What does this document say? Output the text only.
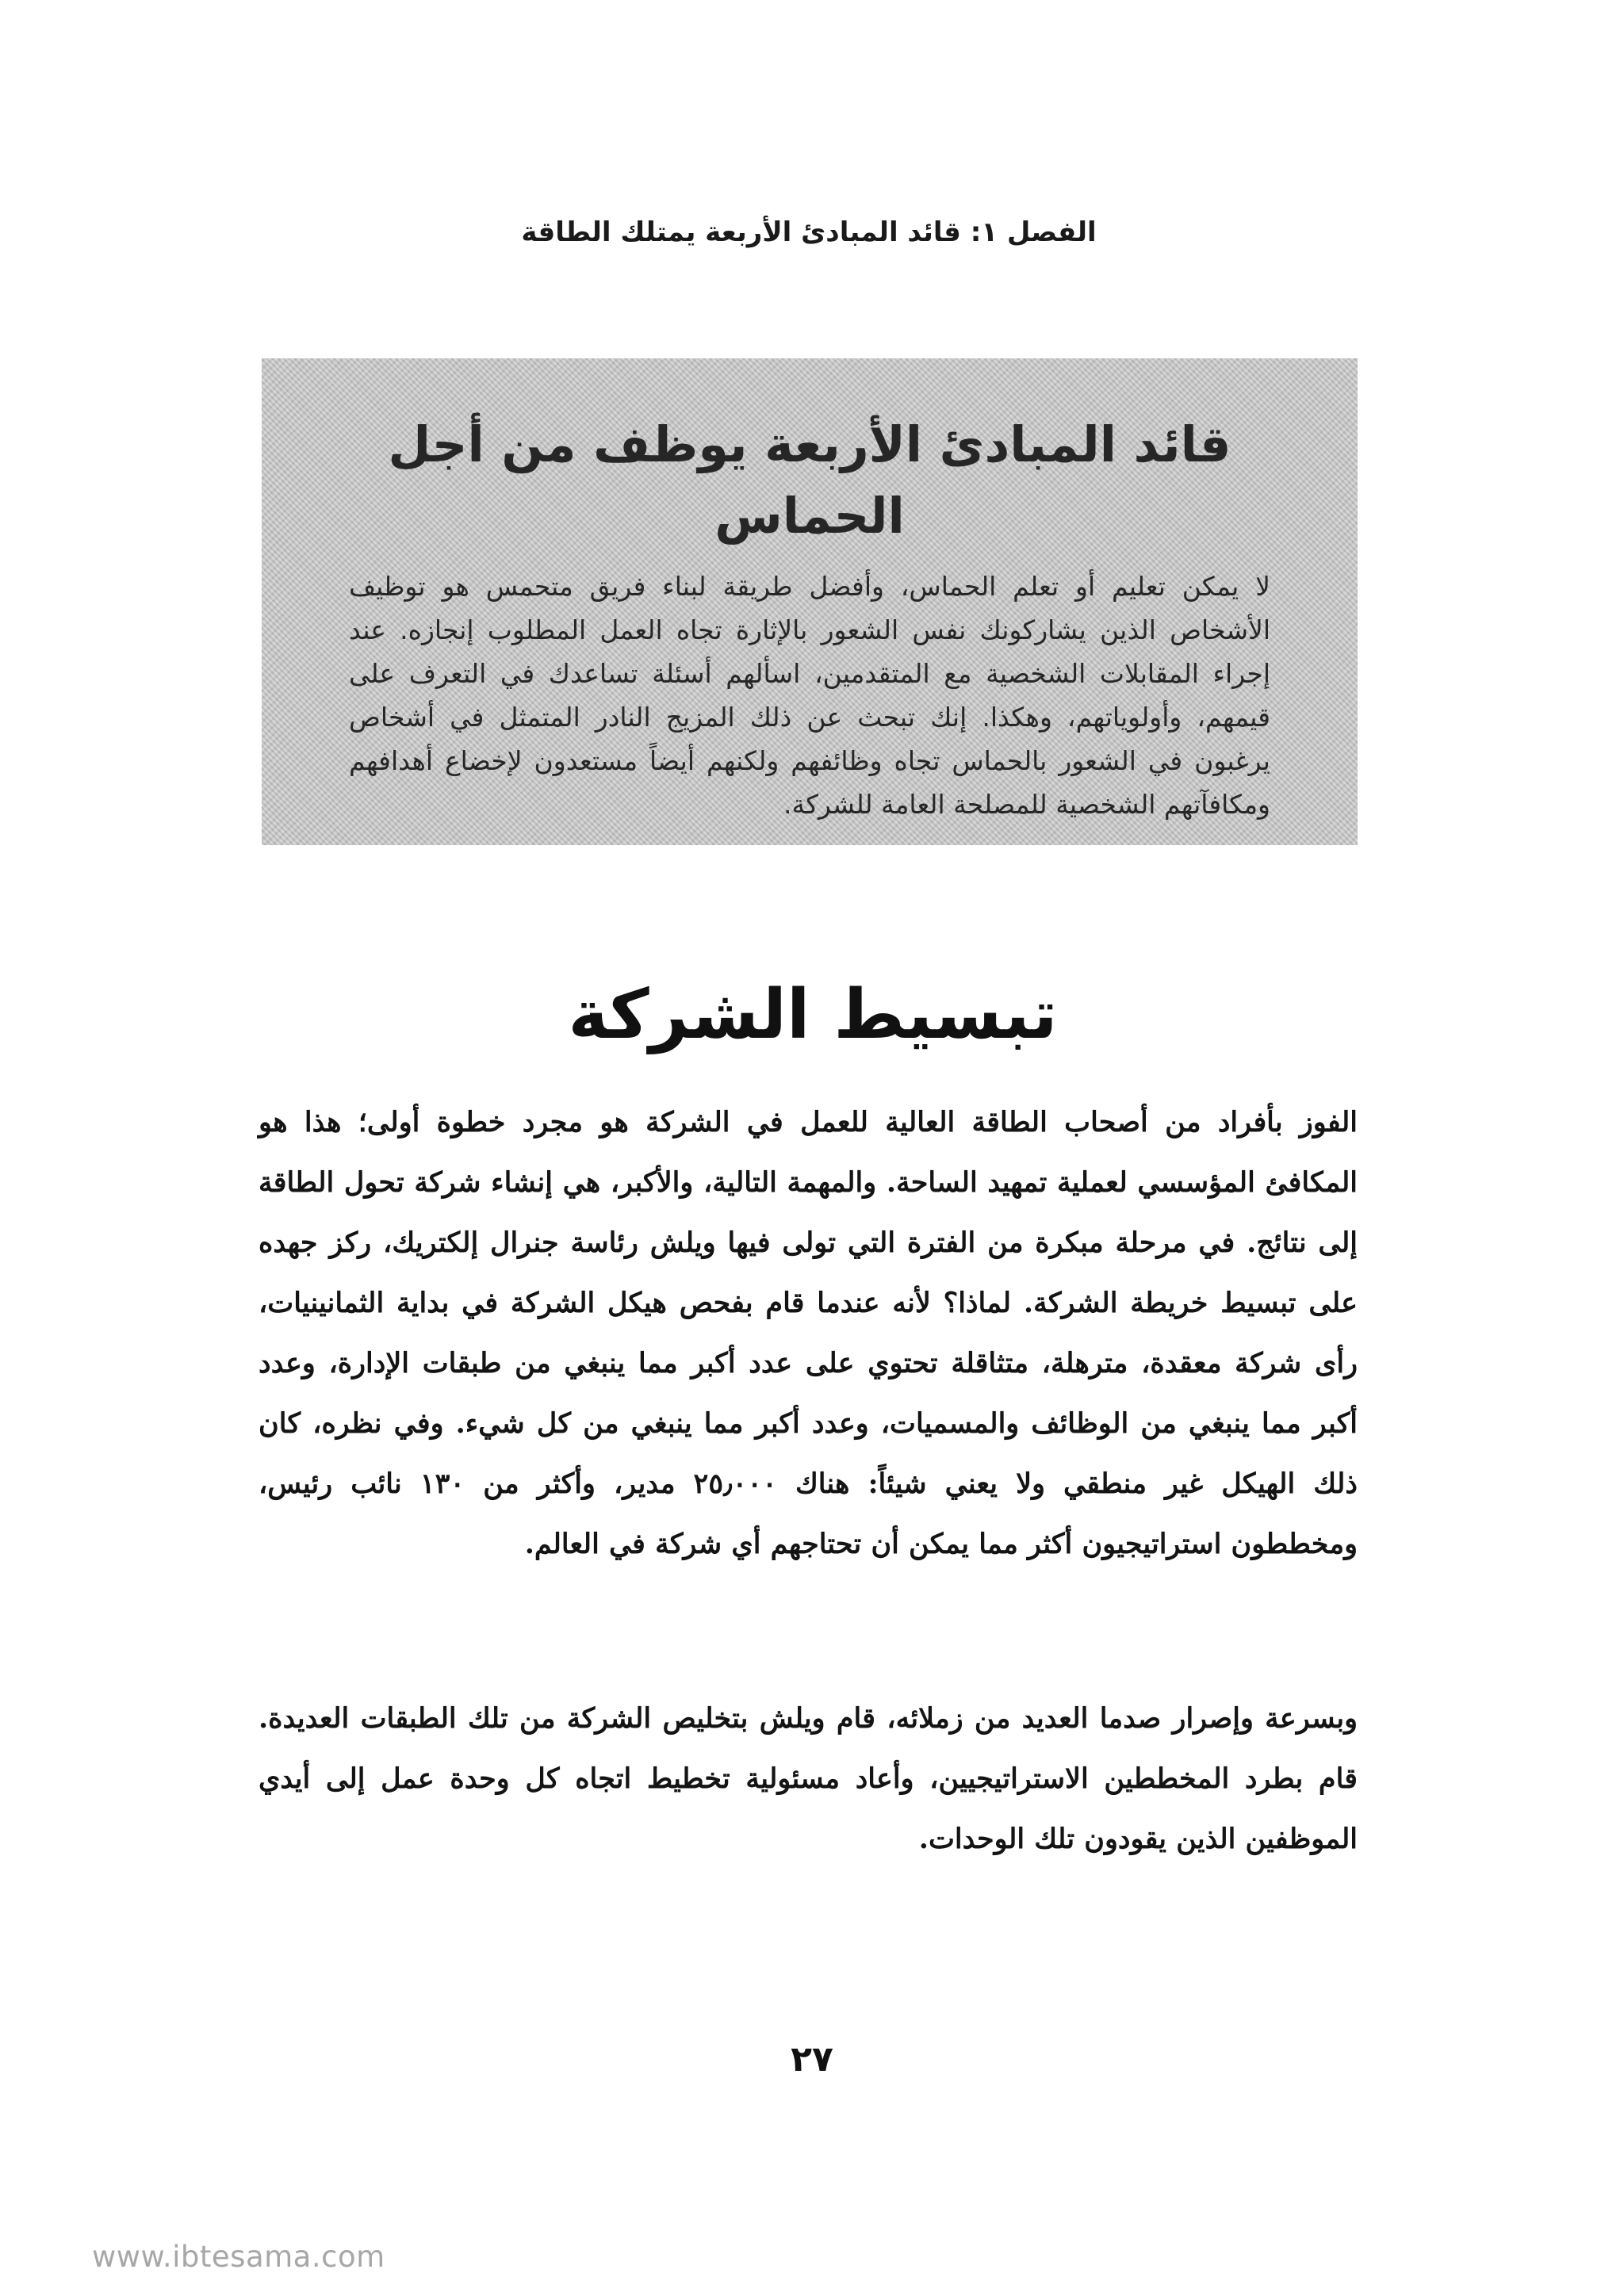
الفصل ١: قائد المبادئ الأربعة يمتلك الطاقة
قائد المبادئ الأربعة يوظف من أجل الحماس
لا يمكن تعليم أو تعلم الحماس، وأفضل طريقة لبناء فريق متحمس هو توظيف الأشخاص الذين يشاركونك نفس الشعور بالإثارة تجاه العمل المطلوب إنجازه. عند إجراء المقابلات الشخصية مع المتقدمين، اسألهم أسئلة تساعدك في التعرف على قيمهم، وأولوياتهم، وهكذا. إنك تبحث عن ذلك المزيج النادر المتمثل في أشخاص يرغبون في الشعور بالحماس تجاه وظائفهم ولكنهم أيضاً مستعدون لإخضاع أهدافهم ومكافآتهم الشخصية للمصلحة العامة للشركة.
تبسيط الشركة

الفوز بأفراد من أصحاب الطاقة العالية للعمل في الشركة هو مجرد خطوة أولى؛ هذا هو المكافئ المؤسسي لعملية تمهيد الساحة. والمهمة التالية، والأكبر، هي إنشاء شركة تحول الطاقة إلى نتائج. في مرحلة مبكرة من الفترة التي تولى فيها ويلش رئاسة جنرال إلكتريك، ركز جهده على تبسيط خريطة الشركة. لماذا؟ لأنه عندما قام بفحص هيكل الشركة في بداية الثمانينيات، رأى شركة معقدة، مترهلة، متثاقلة تحتوي على عدد أكبر مما ينبغي من طبقات الإدارة، وعدد أكبر مما ينبغي من الوظائف والمسميات، وعدد أكبر مما ينبغي من كل شيء. وفي نظره، كان ذلك الهيكل غير منطقي ولا يعني شيئاً: هناك ٢٥٫٠٠٠ مدير، وأكثر من ١٣٠ نائب رئيس، ومخططون استراتيجيون أكثر مما يمكن أن تحتاجهم أي شركة في العالم.

وبسرعة وإصرار صدما العديد من زملائه، قام ويلش بتخليص الشركة من تلك الطبقات العديدة. قام بطرد المخططين الاستراتيجيين، وأعاد مسئولية تخطيط اتجاه كل وحدة عمل إلى أيدي الموظفين الذين يقودون تلك الوحدات.

٢٧
www.ibtesama.com
